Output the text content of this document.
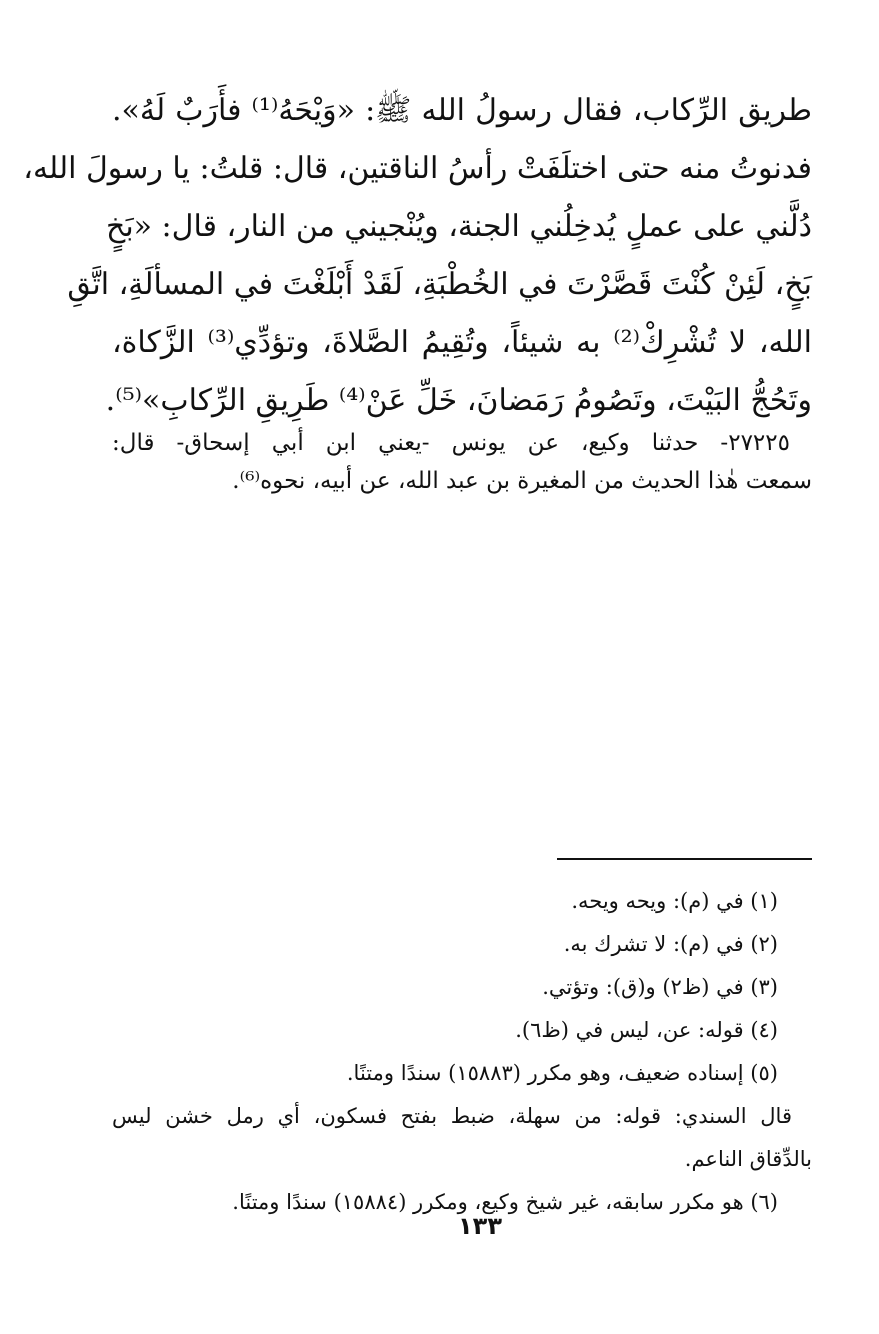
طريق الرِّكاب، فقال رسولُ الله ﷺ: «وَيْحَهُ⁽¹⁾ فأَرَبٌ لَهُ».
فدنوتُ منه حتى اختلَفَتْ رأسُ الناقتين، قال: قلتُ: يا رسولَ الله،
دُلَّني على عملٍ يُدخِلُني الجنة، ويُنْجيني من النار، قال: «بَخٍ
بَخٍ، لَئِنْ كُنْتَ قَصَّرْتَ في الخُطْبَةِ، لَقَدْ أَبْلَغْتَ في المسألَةِ، اتَّقِ
الله، لا تُشْرِكْ⁽²⁾ به شيئاً، وتُقِيمُ الصَّلاةَ، وتؤدِّي⁽³⁾ الزَّكاة،
وتَحُجُّ البَيْتَ، وتَصُومُ رَمَضانَ، خَلِّ عَنْ⁽⁴⁾ طَرِيقِ الرِّكابِ»⁽⁵⁾.
٢٧٢٢٥- حدثنا وكيع، عن يونس -يعني ابن أبي إسحاق- قال:
سمعت هٰذا الحديث من المغيرة بن عبد الله، عن أبيه، نحوه⁽⁶⁾.
(١) في (م): ويحه ويحه.
(٢) في (م): لا تشرك به.
(٣) في (ظ٢) و(ق): وتؤتي.
(٤) قوله: عن، ليس في (ظ٦).
(٥) إسناده ضعيف، وهو مكرر (١٥٨٨٣) سندًا ومتنًا.
قال السندي: قوله: من سهلة، ضبط بفتح فسكون، أي رمل خشن ليس
بالدِّقاق الناعم.
(٦) هو مكرر سابقه، غير شيخ وكيع، ومكرر (١٥٨٨٤) سندًا ومتنًا.
١٣٣
